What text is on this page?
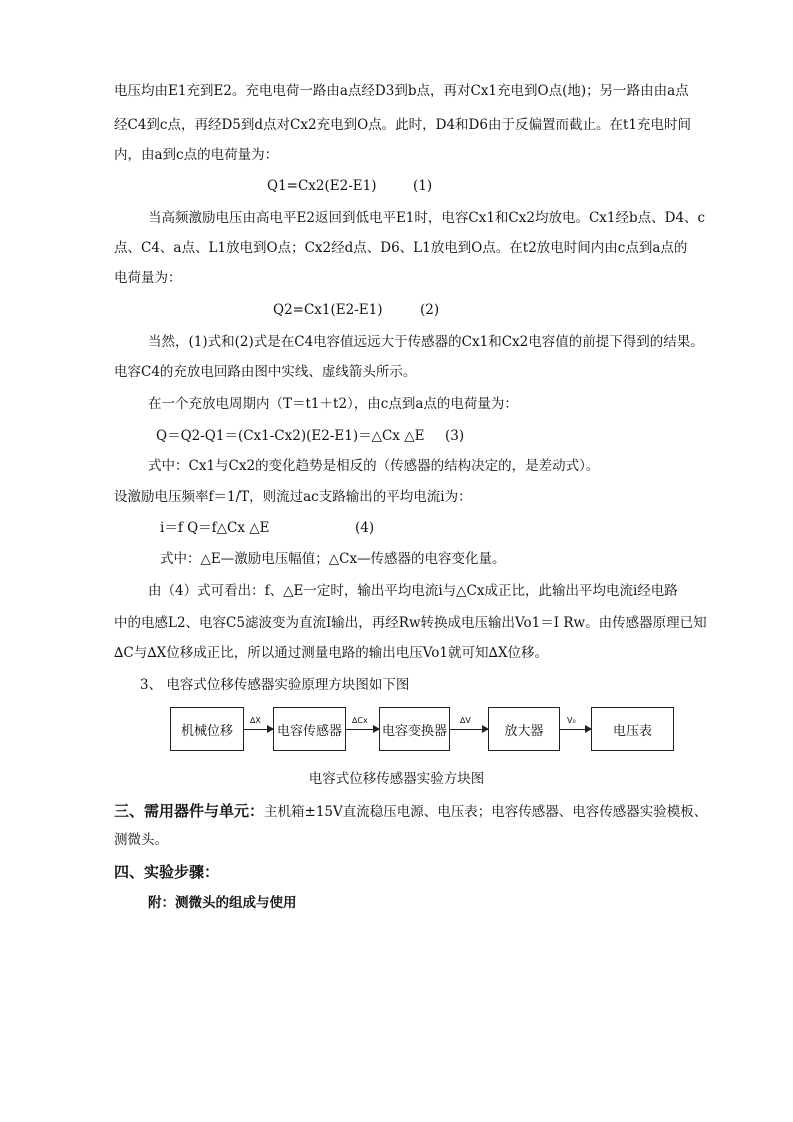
电压均由E1充到E2。充电电荷一路由a点经D3到b点，再对Cx1充电到O点(地)；另一路由由a点
经C4到c点，再经D5到d点对Cx2充电到O点。此时，D4和D6由于反偏置而截止。在t1充电时间
内，由a到c点的电荷量为：
Q1=Cx2(E2-E1)	(1)
当高频激励电压由高电平E2返回到低电平E1时，电容Cx1和Cx2均放电。Cx1经b点、D4、c
点、C4、a点、L1放电到O点；Cx2经d点、D6、L1放电到O点。在t2放电时间内由c点到a点的
电荷量为：
Q2=Cx1(E2-E1)	(2)
当然，(1)式和(2)式是在C4电容值远远大于传感器的Cx1和Cx2电容值的前提下得到的结果。
电容C4的充放电回路由图中实线、虚线箭头所示。
在一个充放电周期内（T＝t1＋t2），由c点到a点的电荷量为：
Q＝Q2-Q1＝(Cx1-Cx2)(E2-E1)＝△Cx △E (3)
式中：Cx1与Cx2的变化趋势是相反的（传感器的结构决定的，是差动式）。
设激励电压频率f＝1/T，则流过ac支路输出的平均电流i为：
i＝f Q＝f△Cx △E	(4)
式中：△E—激励电压幅值；△Cx—传感器的电容变化量。
由（4）式可看出：f、△E一定时，输出平均电流i与△Cx成正比，此输出平均电流i经电路
中的电感L2、电容C5滤波变为直流I输出，再经Rw转换成电压输出Vo1＝I Rw。由传感器原理已知
∆C与∆X位移成正比，所以通过测量电路的输出电压Vo1就可知∆X位移。
3、 电容式位移传感器实验原理方块图如下图
机械位移
∆X
电容传感器
∆Cx
电容变换器
∆V
放大器
V₀
电压表
电容式位移传感器实验方块图
三、需用器件与单元：主机箱±15V直流稳压电源、电压表；电容传感器、电容传感器实验模板、
测微头。
四、实验步骤：
附：测微头的组成与使用
